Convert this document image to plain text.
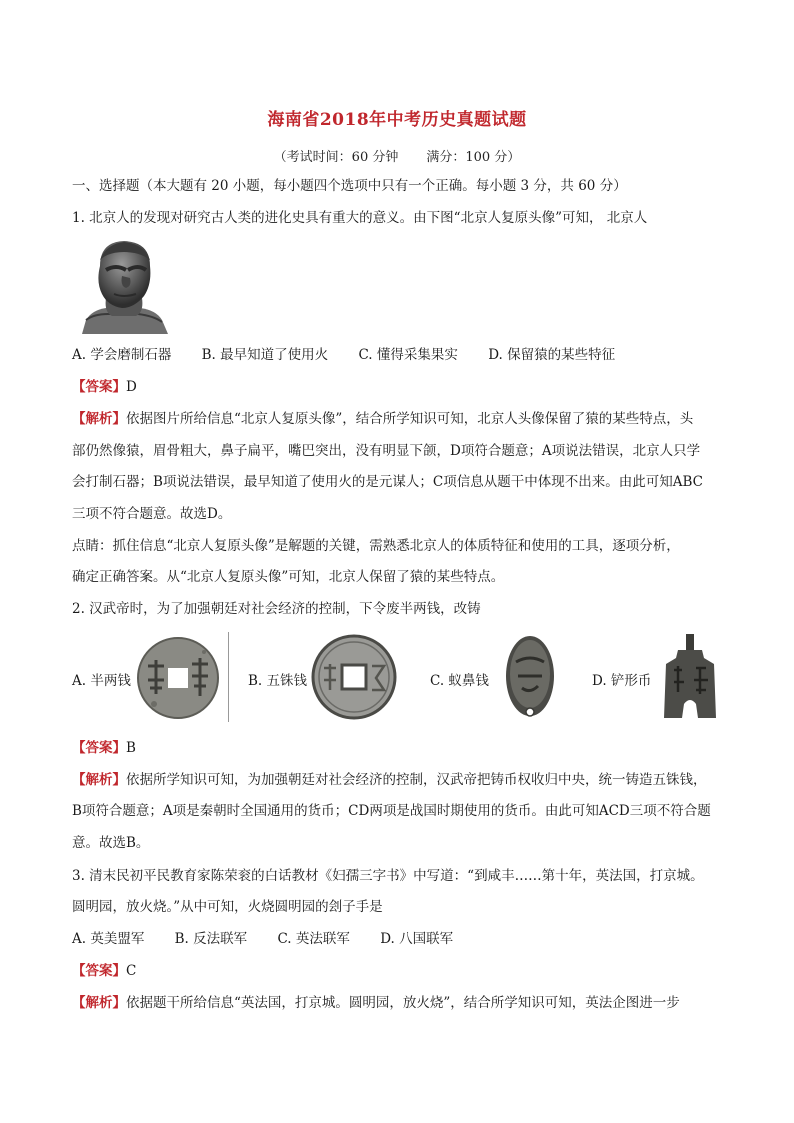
海南省2018年中考历史真题试题
（考试时间：60 分钟 满分：100 分）
一、选择题（本大题有 20 小题，每小题四个选项中只有一个正确。每小题 3 分，共 60 分）
1. 北京人的发现对研究古人类的进化史具有重大的意义。由下图“北京人复原头像”可知， 北京人
A. 学会磨制石器 B. 最早知道了使用火 C. 懂得采集果实 D. 保留猿的某些特征
【答案】D
【解析】依据图片所给信息“北京人复原头像”，结合所学知识可知，北京人头像保留了猿的某些特点，头
部仍然像猿，眉骨粗大，鼻子扁平，嘴巴突出，没有明显下颌，D项符合题意；A项说法错误，北京人只学
会打制石器；B项说法错误，最早知道了使用火的是元谋人；C项信息从题干中体现不出来。由此可知ABC
三项不符合题意。故选D。
点睛：抓住信息“北京人复原头像”是解题的关键，需熟悉北京人的体质特征和使用的工具，逐项分析，
确定正确答案。从“北京人复原头像”可知，北京人保留了猿的某些特点。
2. 汉武帝时，为了加强朝廷对社会经济的控制，下令废半两钱，改铸
A. 半两钱	B. 五铢钱	C. 蚁鼻钱	D. 铲形币
【答案】B
【解析】依据所学知识可知，为加强朝廷对社会经济的控制，汉武帝把铸币权收归中央，统一铸造五铢钱，
B项符合题意；A项是秦朝时全国通用的货币；CD两项是战国时期使用的货币。由此可知ACD三项不符合题
意。故选B。
3. 清末民初平民教育家陈荣衮的白话教材《妇孺三字书》中写道：“到咸丰……第十年，英法国，打京城。
圆明园，放火烧。”从中可知，火烧圆明园的刽子手是
A. 英美盟军 B. 反法联军 C. 英法联军 D. 八国联军
【答案】C
【解析】依据题干所给信息“英法国，打京城。圆明园，放火烧”，结合所学知识可知，英法企图进一步
